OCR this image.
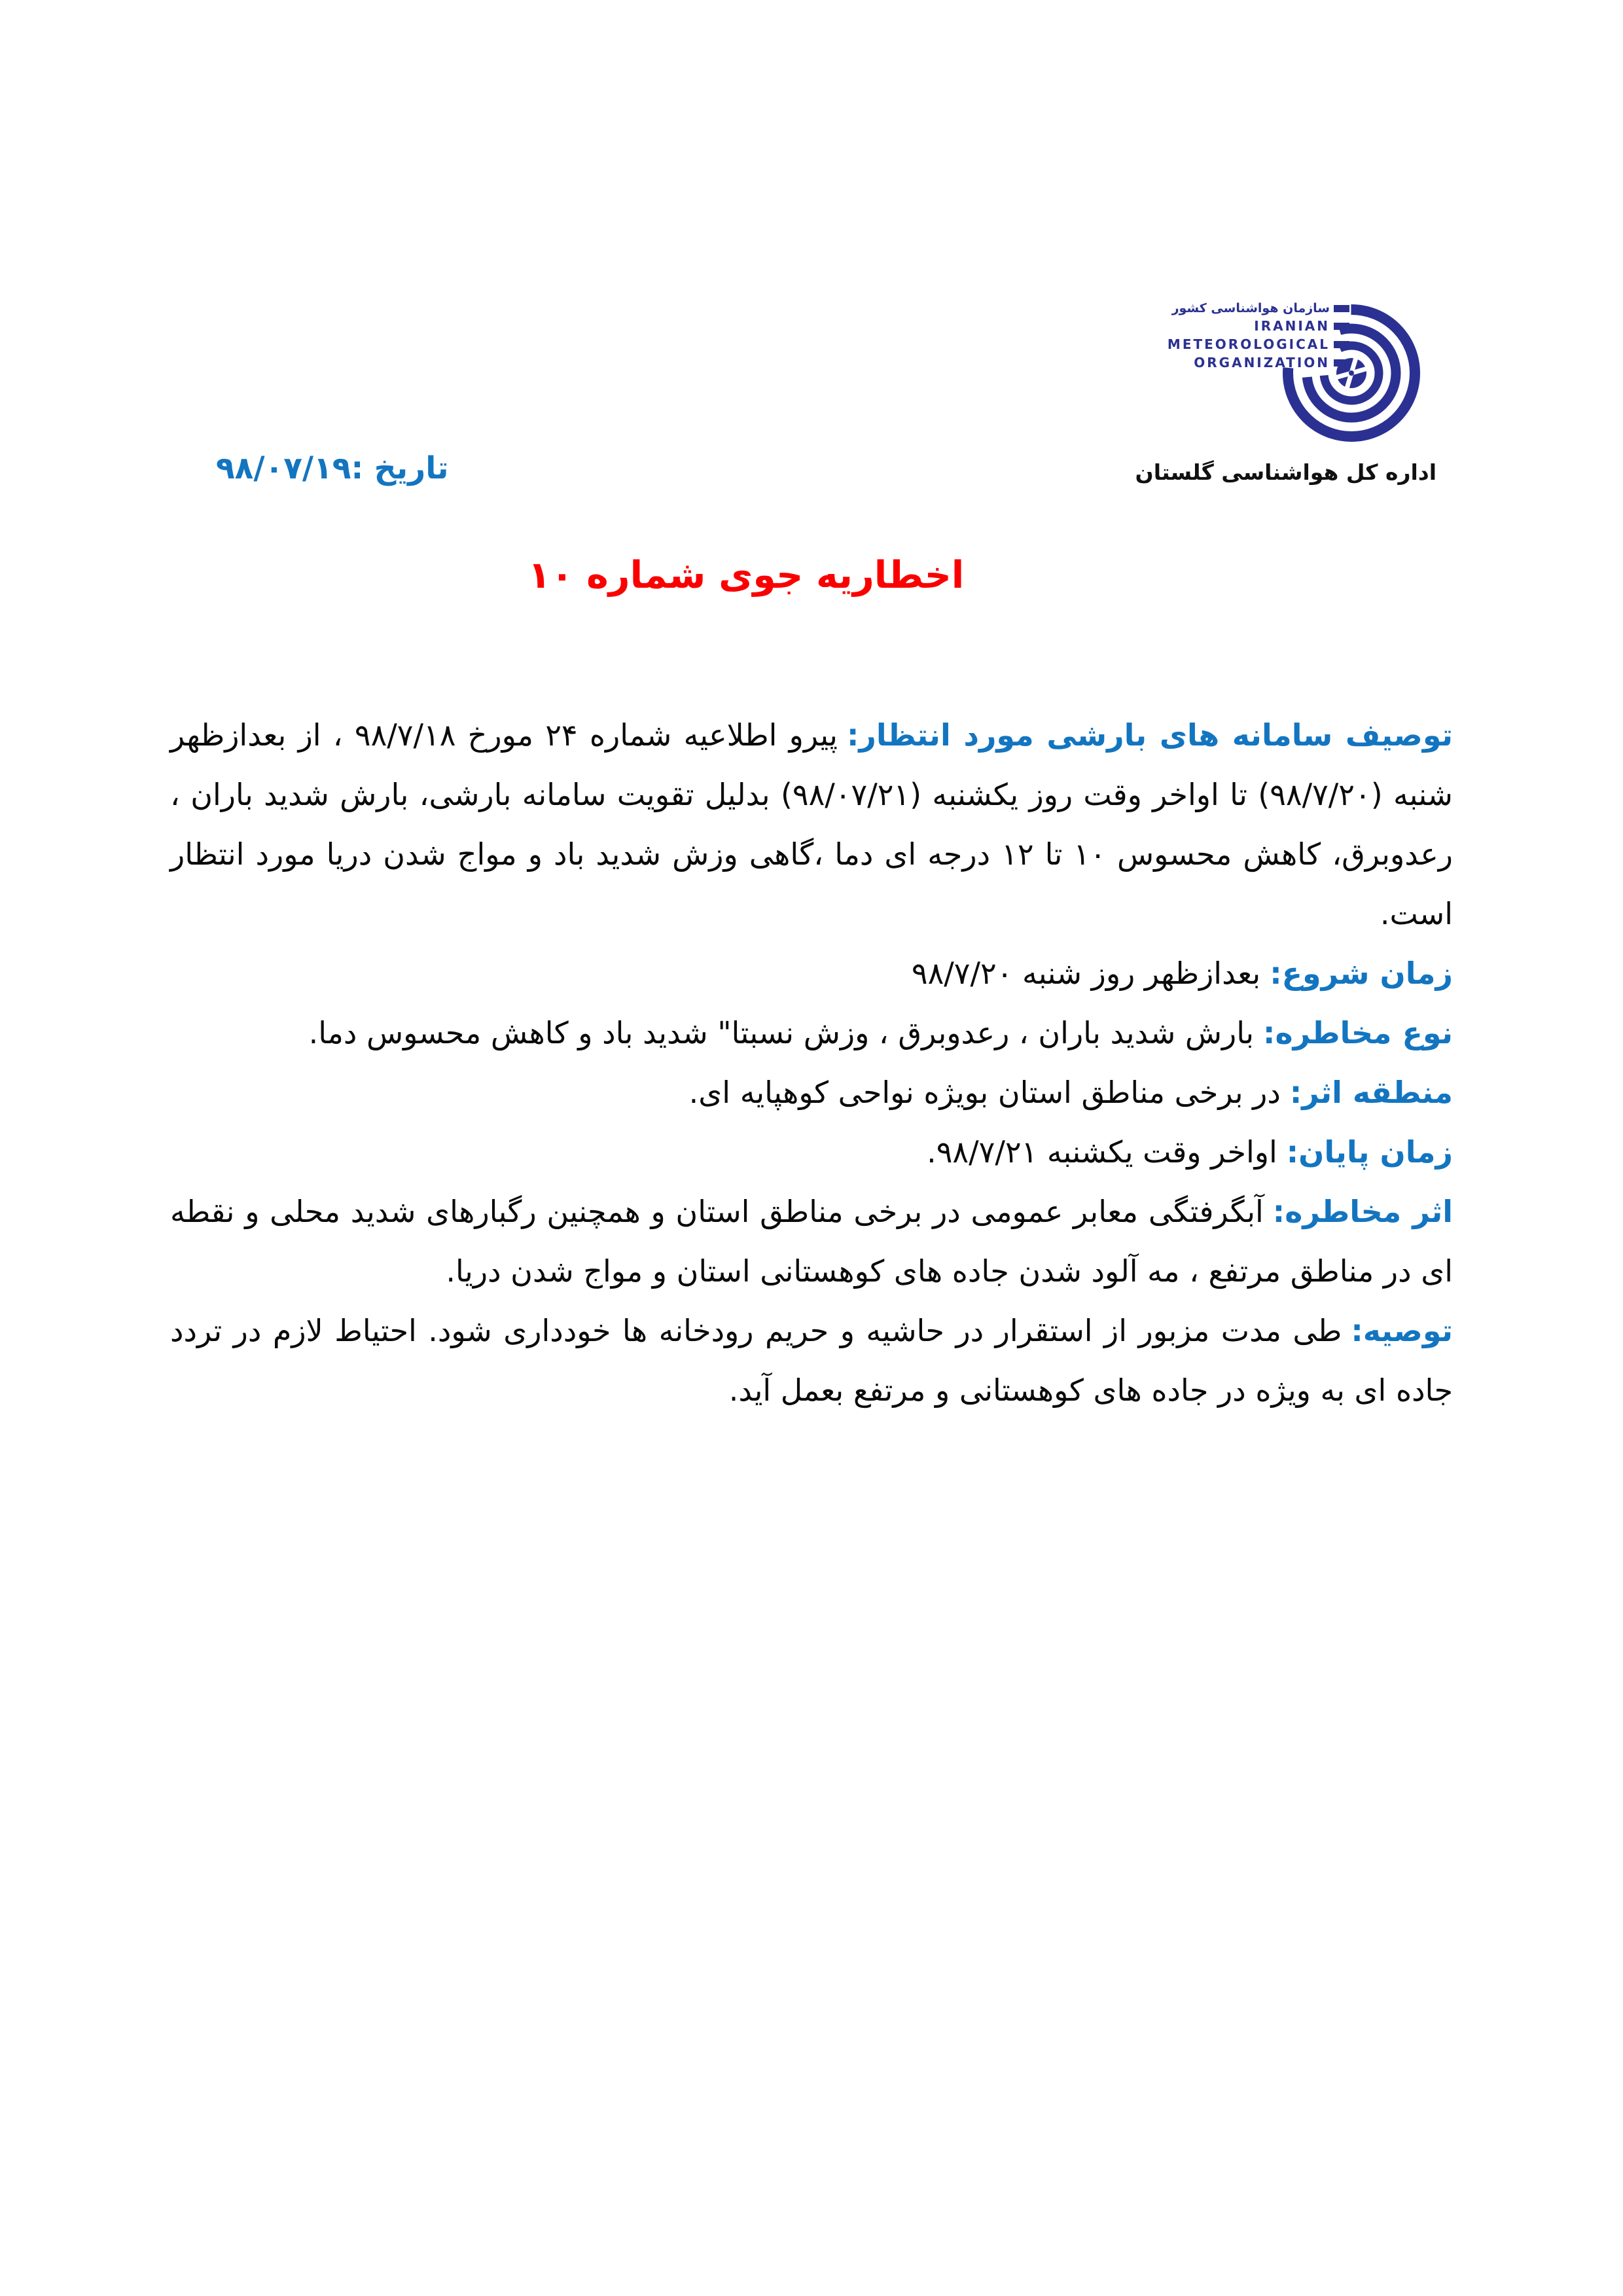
سازمان هواشناسی کشور
IRANIAN
METEOROLOGICAL
ORGANIZATION
اداره کل هواشناسی گلستان
تاریخ :۹۸/۰۷/۱۹
اخطاریه جوی شماره ۱۰

توصیف سامانه های بارشی مورد انتظار:پیرو اطلاعیه شماره ۲۴ مورخ ۹۸/۷/۱۸ ، از بعدازظهر شنبه (۹۸/۷/۲۰) تا اواخر وقت روز یکشنبه (۹۸/۰۷/۲۱) بدلیل تقویت سامانه بارشی، بارش شدید باران ، رعدوبرق، کاهش محسوس ۱۰ تا ۱۲ درجه ای دما ،گاهی وزش شدید باد و مواج شدن دریا مورد انتظار است.

زمان شروع:بعدازظهر روز شنبه ۹۸/۷/۲۰

نوع مخاطره:بارش شدید باران ، رعدوبرق ، وزش نسبتا" شدید باد و کاهش محسوس دما.

منطقه اثر:در برخی مناطق استان بویژه نواحی کوهپایه ای.

زمان پایان:اواخر وقت یکشنبه ۹۸/۷/۲۱.

اثر مخاطره:آبگرفتگی معابر عمومی در برخی مناطق استان و همچنین رگبارهای شدید محلی و نقطه ای در مناطق مرتفع ، مه آلود شدن جاده های کوهستانی استان و مواج شدن دریا.

توصیه:طی مدت مزبور از استقرار در حاشیه و حریم رودخانه ها خودداری شود. احتیاط لازم در تردد جاده ای به ویژه در جاده های کوهستانی و مرتفع بعمل آید.
